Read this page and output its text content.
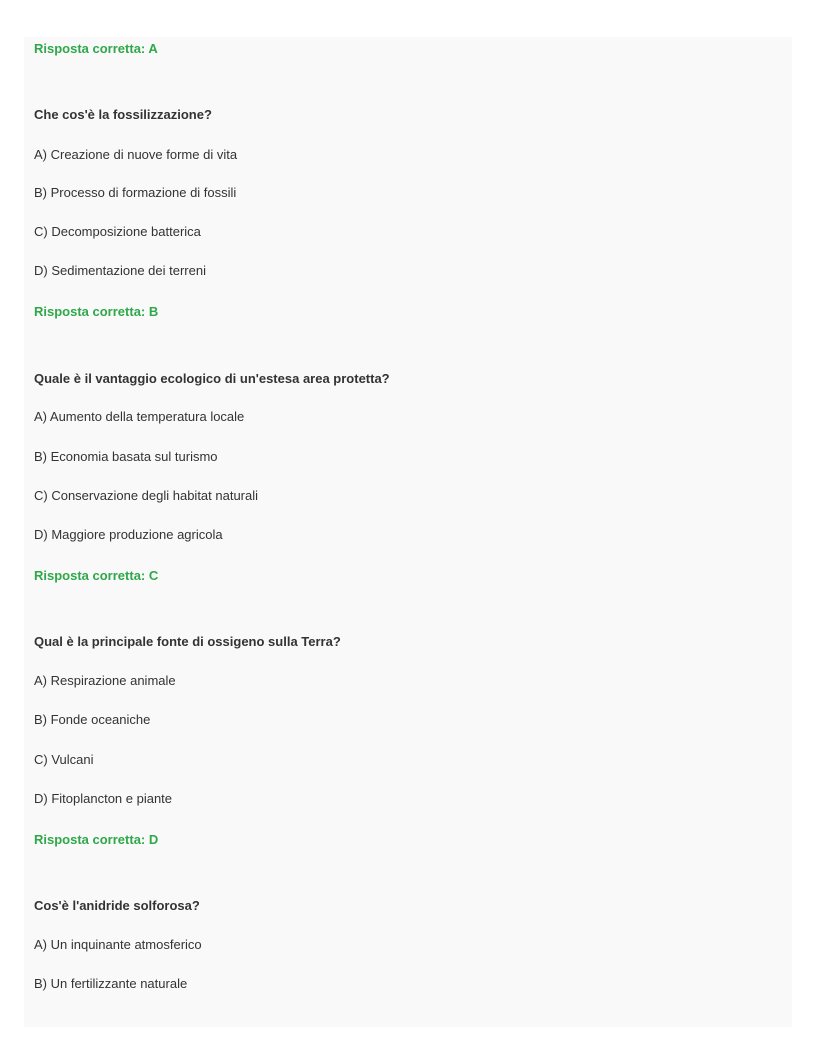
Risposta corretta: A

Che cos'è la fossilizzazione?

A) Creazione di nuove forme di vita

B) Processo di formazione di fossili

C) Decomposizione batterica

D) Sedimentazione dei terreni

Risposta corretta: B

Quale è il vantaggio ecologico di un'estesa area protetta?

A) Aumento della temperatura locale

B) Economia basata sul turismo

C) Conservazione degli habitat naturali

D) Maggiore produzione agricola

Risposta corretta: C

Qual è la principale fonte di ossigeno sulla Terra?

A) Respirazione animale

B) Fonde oceaniche

C) Vulcani

D) Fitoplancton e piante

Risposta corretta: D

Cos'è l'anidride solforosa?

A) Un inquinante atmosferico

B) Un fertilizzante naturale
